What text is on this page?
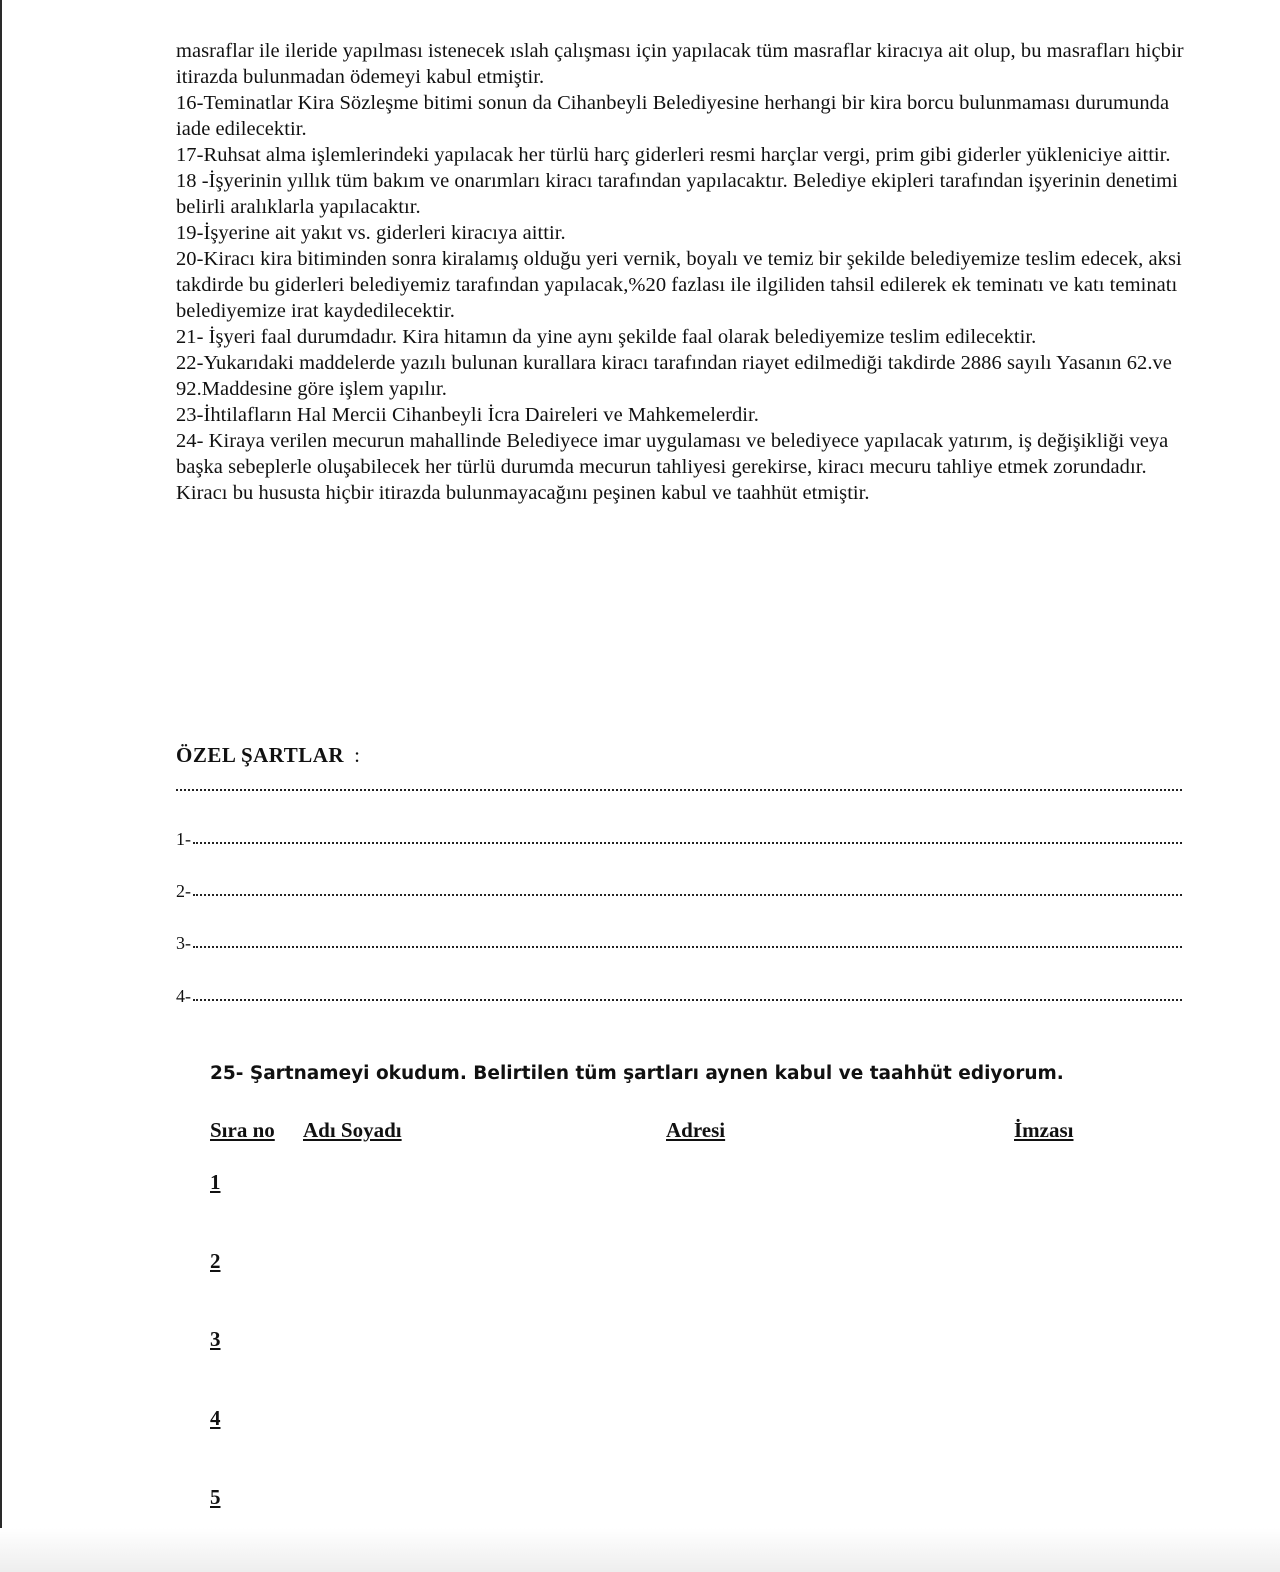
masraflar ile ileride yapılması istenecek ıslah çalışması için yapılacak tüm masraflar kiracıya ait olup, bu masrafları hiçbir itirazda bulunmadan ödemeyi kabul etmiştir.

16-Teminatlar Kira Sözleşme bitimi sonun da Cihanbeyli Belediyesine herhangi bir kira borcu bulunmaması durumunda iade edilecektir.

17-Ruhsat alma işlemlerindeki yapılacak her türlü harç giderleri resmi harçlar vergi, prim gibi giderler yükleniciye aittir.

18 -İşyerinin yıllık tüm bakım ve onarımları kiracı tarafından yapılacaktır. Belediye ekipleri tarafından işyerinin denetimi belirli aralıklarla yapılacaktır.

19-İşyerine ait yakıt vs. giderleri kiracıya aittir.

20-Kiracı kira bitiminden sonra kiralamış olduğu yeri vernik, boyalı ve temiz bir şekilde belediyemize teslim edecek, aksi takdirde bu giderleri belediyemiz tarafından yapılacak,%20 fazlası ile ilgiliden tahsil edilerek ek teminatı ve katı teminatı belediyemize irat kaydedilecektir.

21- İşyeri faal durumdadır. Kira hitamın da yine aynı şekilde faal olarak belediyemize teslim edilecektir.

22-Yukarıdaki maddelerde yazılı bulunan kurallara kiracı tarafından riayet edilmediği takdirde 2886 sayılı Yasanın 62.ve 92.Maddesine göre işlem yapılır.

23-İhtilafların Hal Mercii Cihanbeyli İcra Daireleri ve Mahkemelerdir.

24- Kiraya verilen mecurun mahallinde Belediyece imar uygulaması ve belediyece yapılacak yatırım, iş değişikliği veya başka sebeplerle oluşabilecek her türlü durumda mecurun tahliyesi gerekirse, kiracı mecuru tahliye etmek zorundadır. Kiracı bu hususta hiçbir itirazda bulunmayacağını peşinen kabul ve taahhüt etmiştir.

ÖZEL ŞARTLAR :
1-
2-
3-
4-
25- Şartnameyi okudum. Belirtilen tüm şartları aynen kabul ve taahhüt ediyorum.
Sıra no Adı Soyadı	Adresi	İmzası
1
2
3
4
5
